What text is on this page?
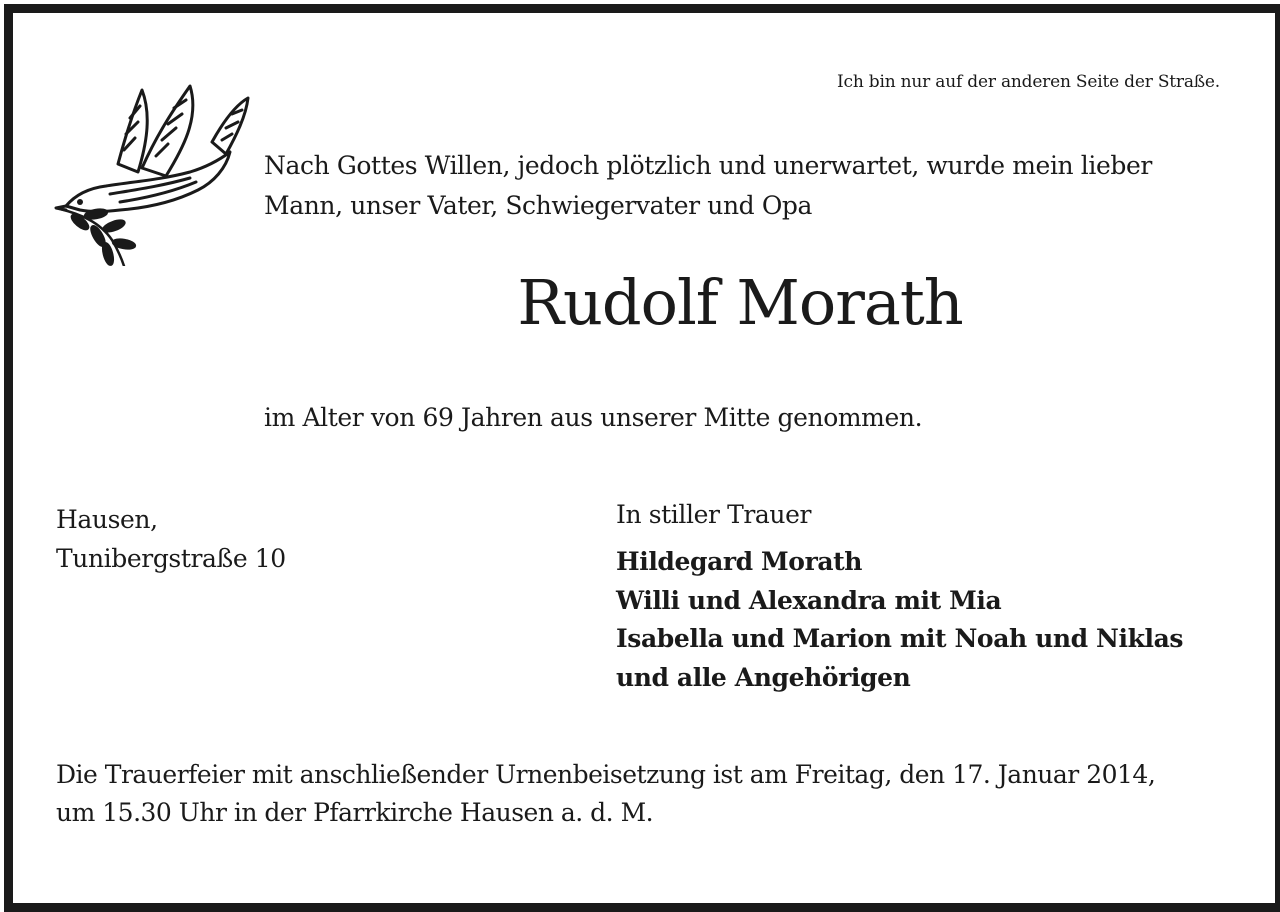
Ich bin nur auf der anderen Seite der Straße.
Nach Gottes Willen, jedoch plötzlich und unerwartet, wurde mein lieber
Mann, unser Vater, Schwiegervater und Opa
Rudolf Morath
im Alter von 69 Jahren aus unserer Mitte genommen.
Hausen,
Tunibergstraße 10
In stiller Trauer
Hildegard Morath
Willi und Alexandra mit Mia
Isabella und Marion mit Noah und Niklas
und alle Angehörigen
Die Trauerfeier mit anschließender Urnenbeisetzung ist am Freitag, den 17. Januar 2014,
um 15.30 Uhr in der Pfarrkirche Hausen a. d. M.
